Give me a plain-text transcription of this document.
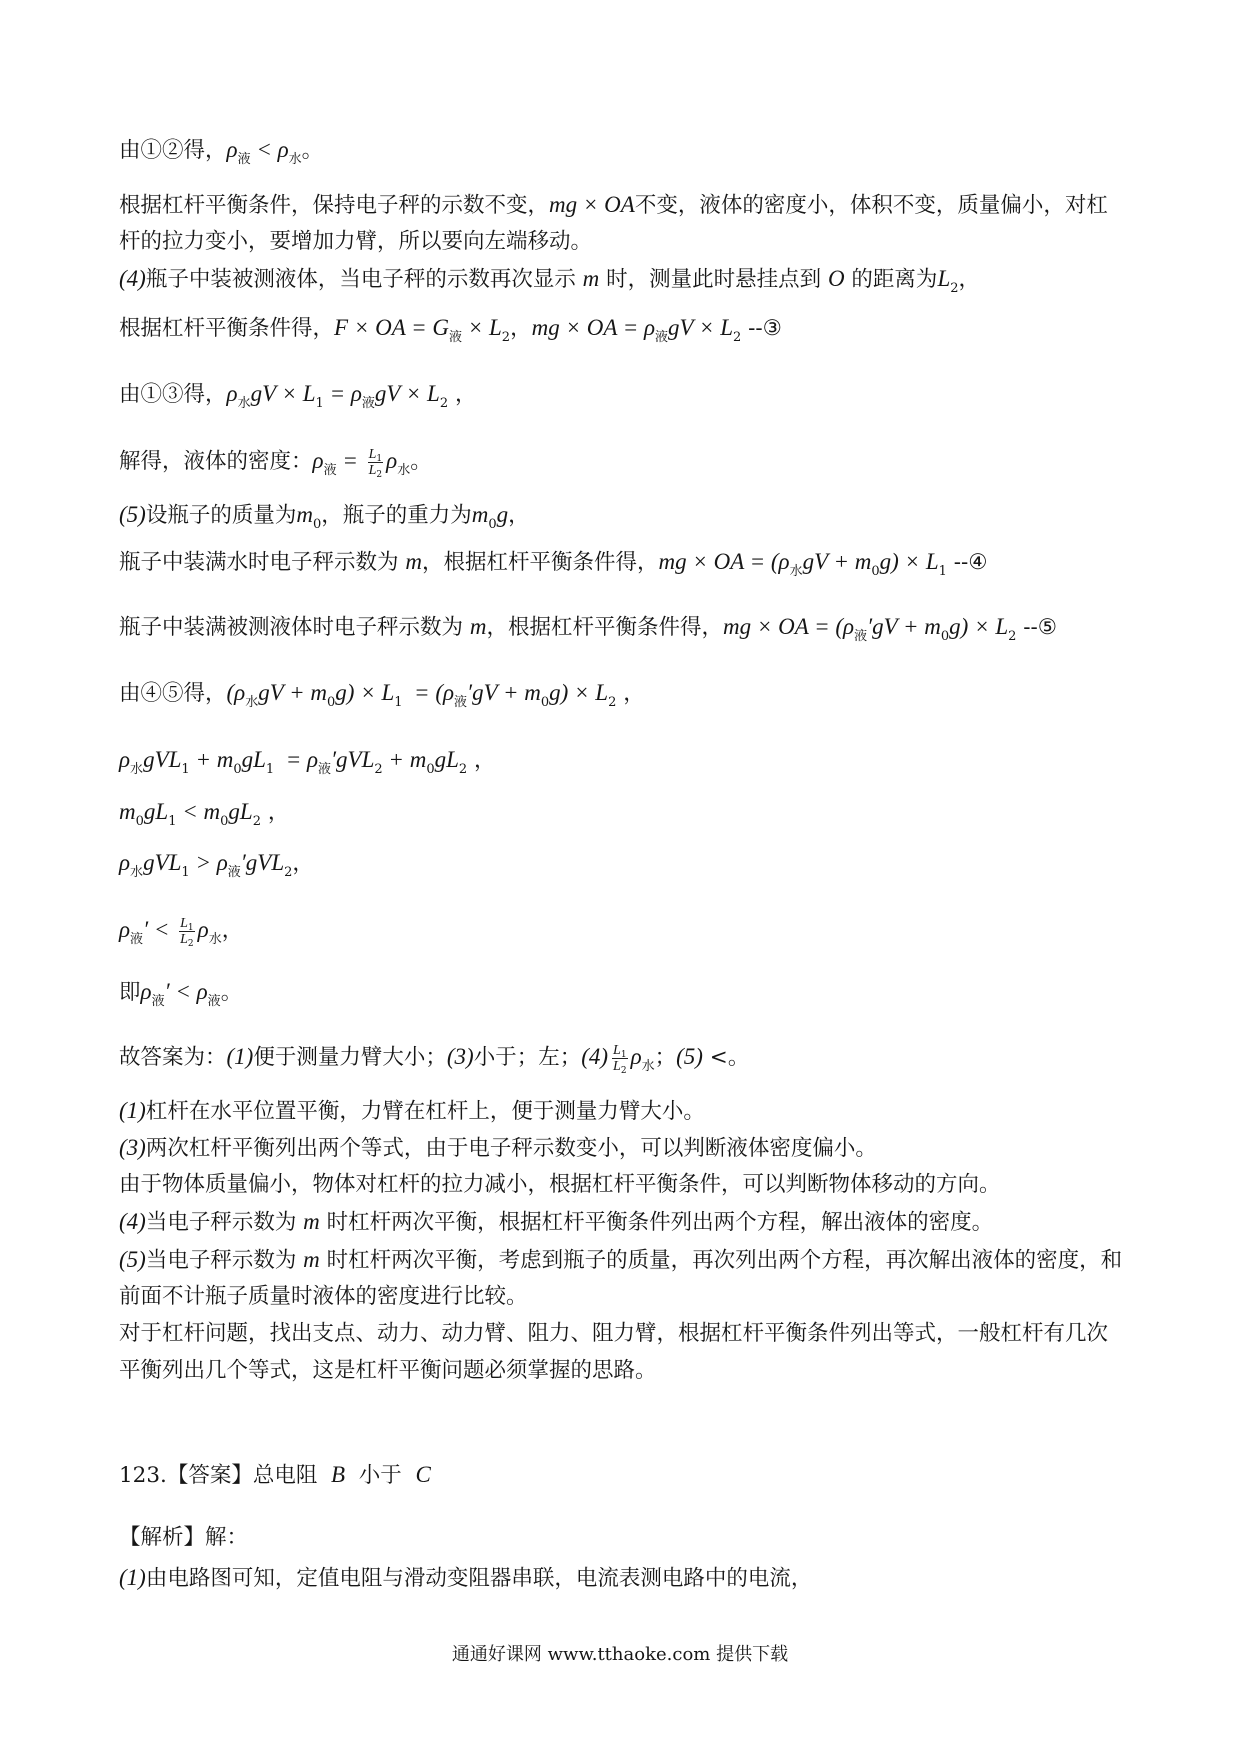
由①②得，$\rho_液 < \rho_水$。
根据杠杆平衡条件，保持电子秤的示数不变，mg × OA不变，液体的密度小，体积不变，质量偏小，对杠
杆的拉力变小，要增加力臂，所以要向左端移动。
(4)瓶子中装被测液体，当电子秤的示数再次显示 m 时，测量此时悬挂点到 O 的距离为$L_2$，
根据杠杆平衡条件得，F × OA = $G_液 \times L_2$，mg × OA = $\rho_液gV \times L_2$ --③
由①③得，$\rho_水gV \times L_1 = \rho_液gV \times L_2$ ，
解得，液体的密度：$\rho_液 = \frac{L_1}{L_2} \rho_水$。
(5)设瓶子的质量为$m_0$，瓶子的重力为$m_0g$，
瓶子中装满水时电子秤示数为 m，根据杠杆平衡条件得，mg × OA = $(\rho_水gV + m_0g) \times L_1$ --④
瓶子中装满被测液体时电子秤示数为 m，根据杠杆平衡条件得，mg × OA = $(\rho_液'gV + m_0g) \times L_2$ --⑤
由④⑤得，$(\rho_水gV + m_0g) \times L_1 = (\rho_液'gV + m_0g) \times L_2$ ，
$\rho_水gVL_1 + m_0gL_1 = \rho_液'gVL_2 + m_0gL_2$ ，
$m_0gL_1 < m_0gL_2$ ，
$\rho_水gVL_1 > \rho_液'gVL_2$，
$\rho_液' < \frac{L_1}{L_2} \rho_水$，
即$\rho_液' < \rho_液$。
故答案为：(1)便于测量力臂大小；(3)小于；左；$(4) \frac{L_1}{L_2} \rho_水$；(5) <。
(1)杠杆在水平位置平衡，力臂在杠杆上，便于测量力臂大小。
(3)两次杠杆平衡列出两个等式，由于电子秤示数变小，可以判断液体密度偏小。
由于物体质量偏小，物体对杠杆的拉力减小，根据杠杆平衡条件，可以判断物体移动的方向。
(4)当电子秤示数为 m 时杠杆两次平衡，根据杠杆平衡条件列出两个方程，解出液体的密度。
(5)当电子秤示数为 m 时杠杆两次平衡，考虑到瓶子的质量，再次列出两个方程，再次解出液体的密度，和
前面不计瓶子质量时液体的密度进行比较。
对于杠杆问题，找出支点、动力、动力臂、阻力、阻力臂，根据杠杆平衡条件列出等式，一般杠杆有几次
平衡列出几个等式，这是杠杆平衡问题必须掌握的思路。
123.【答案】总电阻  B  小于  C
【解析】解：
(1)由电路图可知，定值电阻与滑动变阻器串联，电流表测电路中的电流，
通通好课网 www.tthaoke.com 提供下载
